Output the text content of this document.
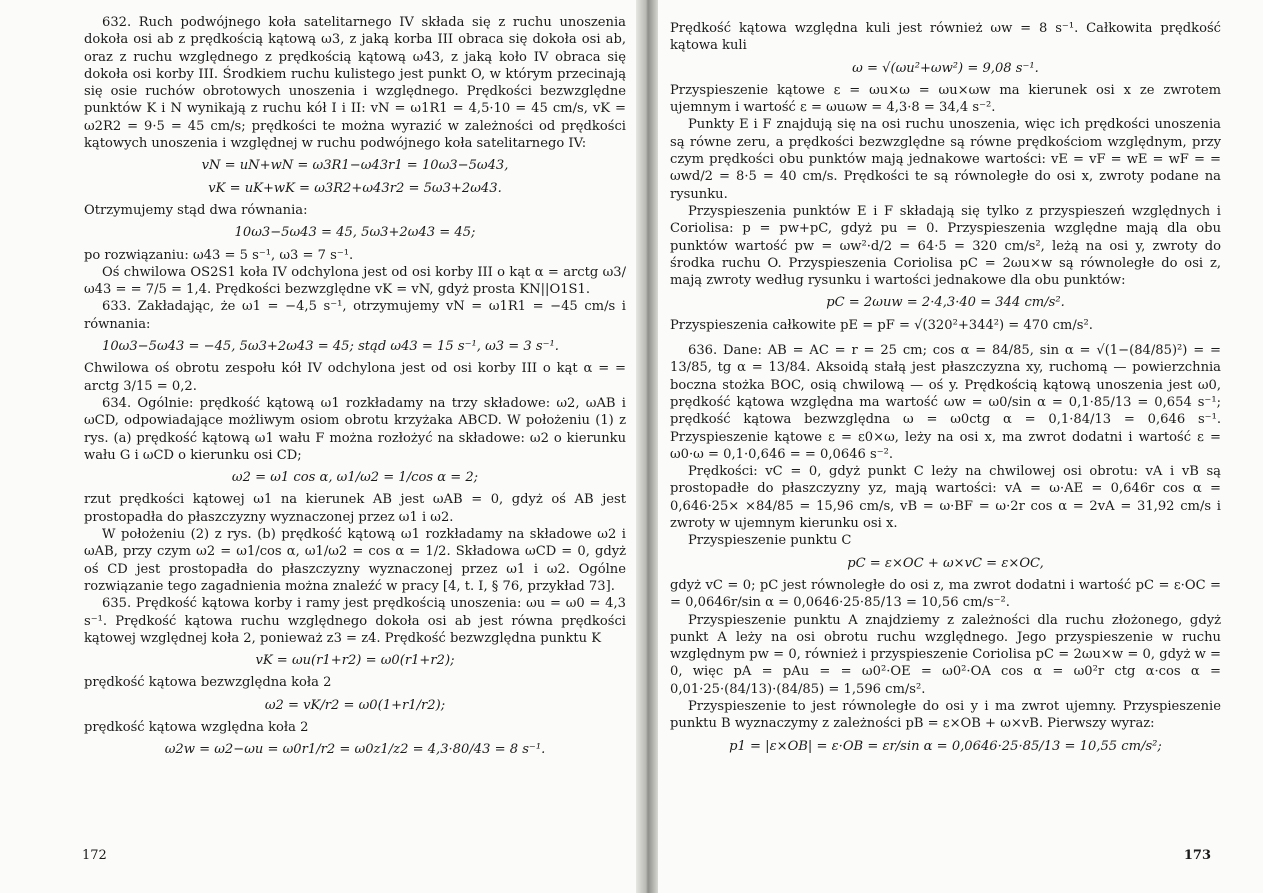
632. Ruch podwójnego koła satelitarnego IV składa się z ruchu unoszenia dokoła osi ab z prędkością kątową ω3, z jaką korba III obraca się dokoła osi ab, oraz z ruchu względnego z prędkością kątową ω43, z jaką koło IV obraca się dokoła osi korby III. Środkiem ruchu kulistego jest punkt O, w którym przecinają się osie ruchów obrotowych unoszenia i względnego. Prędkości bezwzględne punktów K i N wynikają z ruchu kół I i II: vN = ω1R1 = 4,5·10 = 45 cm/s, vK = ω2R2 = 9·5 = 45 cm/s; prędkości te można wyrazić w zależności od prędkości kątowych unoszenia i względnej w ruchu podwójnego koła satelitarnego IV:

vN = uN+wN = ω3R1−ω43r1 = 10ω3−5ω43,
vK = uK+wK = ω3R2+ω43r2 = 5ω3+2ω43.

Otrzymujemy stąd dwa równania:

10ω3−5ω43 = 45, 5ω3+2ω43 = 45;

po rozwiązaniu: ω43 = 5 s⁻¹, ω3 = 7 s⁻¹.

Oś chwilowa OS2S1 koła IV odchylona jest od osi korby III o kąt α = arctg ω3/ω43 = = 7/5 = 1,4. Prędkości bezwzględne vK = vN, gdyż prosta KN||O1S1.

633. Zakładając, że ω1 = −4,5 s⁻¹, otrzymujemy vN = ω1R1 = −45 cm/s i równania:

10ω3−5ω43 = −45, 5ω3+2ω43 = 45; stąd ω43 = 15 s⁻¹, ω3 = 3 s⁻¹.

Chwilowa oś obrotu zespołu kół IV odchylona jest od osi korby III o kąt α = = arctg 3/15 = 0,2.

634. Ogólnie: prędkość kątową ω1 rozkładamy na trzy składowe: ω2, ωAB i ωCD, odpowiadające możliwym osiom obrotu krzyżaka ABCD. W położeniu (1) z rys. (a) prędkość kątową ω1 wału F można rozłożyć na składowe: ω2 o kierunku wału G i ωCD o kierunku osi CD;

ω2 = ω1 cos α, ω1/ω2 = 1/cos α = 2;

rzut prędkości kątowej ω1 na kierunek AB jest ωAB = 0, gdyż oś AB jest prostopadła do płaszczyzny wyznaczonej przez ω1 i ω2.

W położeniu (2) z rys. (b) prędkość kątową ω1 rozkładamy na składowe ω2 i ωAB, przy czym ω2 = ω1/cos α, ω1/ω2 = cos α = 1/2. Składowa ωCD = 0, gdyż oś CD jest prostopadła do płaszczyzny wyznaczonej przez ω1 i ω2. Ogólne rozwiązanie tego zagadnienia można znaleźć w pracy [4, t. I, § 76, przykład 73].

635. Prędkość kątowa korby i ramy jest prędkością unoszenia: ωu = ω0 = 4,3 s⁻¹. Prędkość kątowa ruchu względnego dokoła osi ab jest równa prędkości kątowej względnej koła 2, ponieważ z3 = z4. Prędkość bezwzględna punktu K

vK = ωu(r1+r2) = ω0(r1+r2);

prędkość kątowa bezwzględna koła 2

ω2 = vK/r2 = ω0(1+r1/r2);

prędkość kątowa względna koła 2

ω2w = ω2−ωu = ω0r1/r2 = ω0z1/z2 = 4,3·80/43 = 8 s⁻¹.
172

Prędkość kątowa względna kuli jest również ωw = 8 s⁻¹. Całkowita prędkość kątowa kuli

ω = √(ωu²+ωw²) = 9,08 s⁻¹.

Przyspieszenie kątowe ε = ωu×ω = ωu×ωw ma kierunek osi x ze zwrotem ujemnym i wartość ε = ωuωw = 4,3·8 = 34,4 s⁻².

Punkty E i F znajdują się na osi ruchu unoszenia, więc ich prędkości unoszenia są równe zeru, a prędkości bezwzględne są równe prędkościom względnym, przy czym prędkości obu punktów mają jednakowe wartości: vE = vF = wE = wF = = ωwd/2 = 8·5 = 40 cm/s. Prędkości te są równoległe do osi x, zwroty podane na rysunku.

Przyspieszenia punktów E i F składają się tylko z przyspieszeń względnych i Coriolisa: p = pw+pC, gdyż pu = 0. Przyspieszenia względne mają dla obu punktów wartość pw = ωw²·d/2 = 64·5 = 320 cm/s², leżą na osi y, zwroty do środka ruchu O. Przyspieszenia Coriolisa pC = 2ωu×w są równoległe do osi z, mają zwroty według rysunku i wartości jednakowe dla obu punktów:

pC = 2ωuw = 2·4,3·40 = 344 cm/s².

Przyspieszenia całkowite pE = pF = √(320²+344²) = 470 cm/s².

636. Dane: AB = AC = r = 25 cm; cos α = 84/85, sin α = √(1−(84/85)²) = = 13/85, tg α = 13/84. Aksoidą stałą jest płaszczyzna xy, ruchomą — powierzchnia boczna stożka BOC, osią chwilową — oś y. Prędkością kątową unoszenia jest ω0, prędkość kątowa względna ma wartość ωw = ω0/sin α = 0,1·85/13 = 0,654 s⁻¹; prędkość kątowa bezwzględna ω = ω0ctg α = 0,1·84/13 = 0,646 s⁻¹. Przyspieszenie kątowe ε = ε0×ω, leży na osi x, ma zwrot dodatni i wartość ε = ω0·ω = 0,1·0,646 = = 0,0646 s⁻².

Prędkości: vC = 0, gdyż punkt C leży na chwilowej osi obrotu: vA i vB są prostopadłe do płaszczyzny yz, mają wartości: vA = ω·AE = 0,646r cos α = 0,646·25× ×84/85 = 15,96 cm/s, vB = ω·BF = ω·2r cos α = 2vA = 31,92 cm/s i zwroty w ujemnym kierunku osi x.

Przyspieszenie punktu C

pC = ε×OC + ω×vC = ε×OC,

gdyż vC = 0; pC jest równoległe do osi z, ma zwrot dodatni i wartość pC = ε·OC = = 0,0646r/sin α = 0,0646·25·85/13 = 10,56 cm/s⁻².

Przyspieszenie punktu A znajdziemy z zależności dla ruchu złożonego, gdyż punkt A leży na osi obrotu ruchu względnego. Jego przyspieszenie w ruchu względnym pw = 0, również i przyspieszenie Coriolisa pC = 2ωu×w = 0, gdyż w = 0, więc pA = pAu = = ω0²·OE = ω0²·OA cos α = ω0²r ctg α·cos α = 0,01·25·(84/13)·(84/85) = 1,596 cm/s².

Przyspieszenie to jest równoległe do osi y i ma zwrot ujemny. Przyspieszenie punktu B wyznaczymy z zależności pB = ε×OB + ω×vB. Pierwszy wyraz:

p1 = |ε×OB| = ε·OB = εr/sin α = 0,0646·25·85/13 = 10,55 cm/s²;
173
